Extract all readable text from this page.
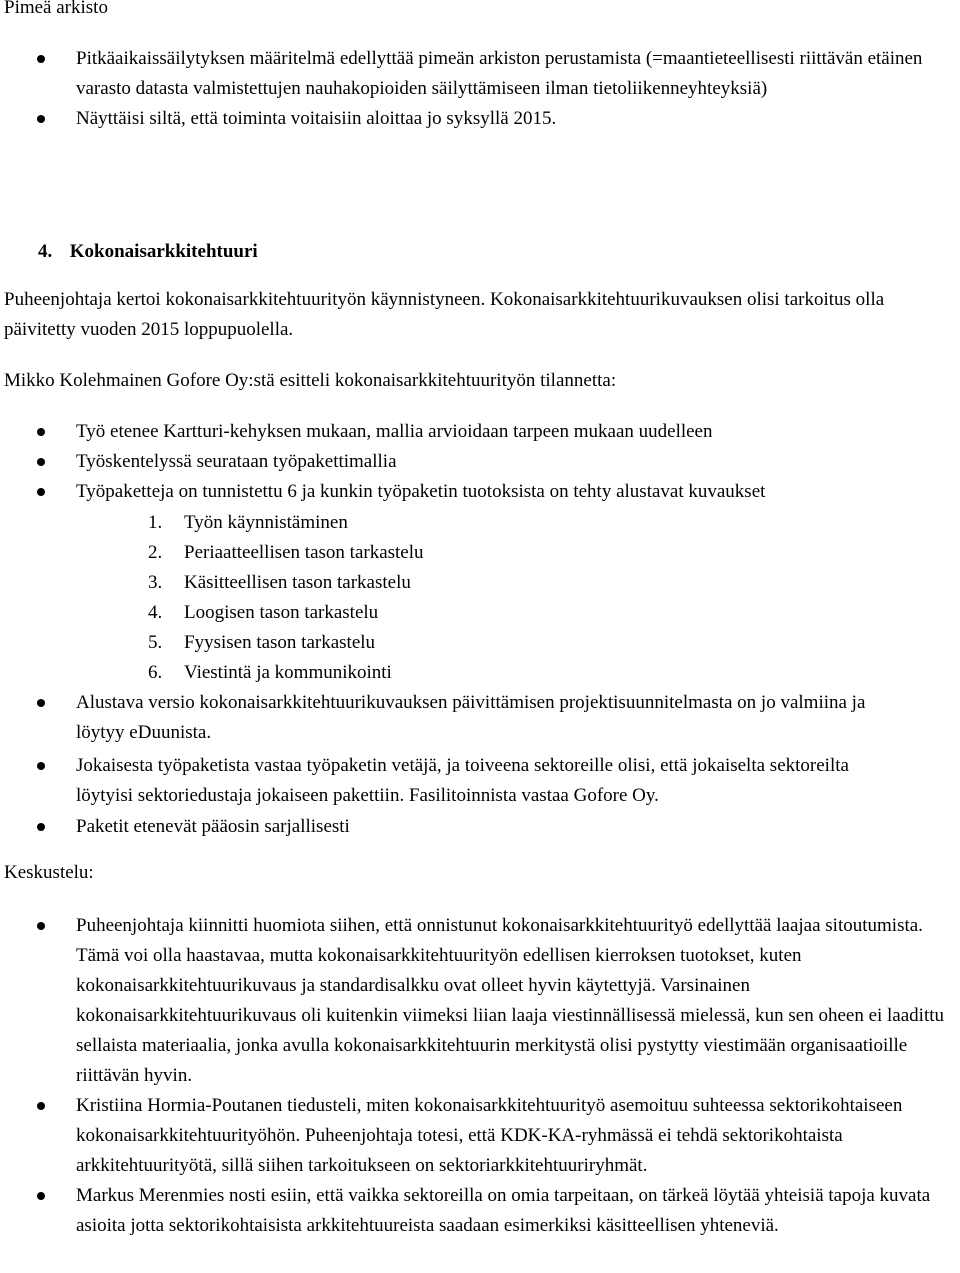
Pimeä arkisto
Pitkäaikaissäilytyksen määritelmä edellyttää pimeän arkiston perustamista (=maantieteellisesti riittävän etäinen varasto datasta valmistettujen nauhakopioiden säilyttämiseen ilman tietoliikenneyhteyksiä)
Näyttäisi siltä, että toiminta voitaisiin aloittaa jo syksyllä 2015.
4. Kokonaisarkkitehtuuri
Puheenjohtaja kertoi kokonaisarkkitehtuurityön käynnistyneen. Kokonaisarkkitehtuurikuvauksen olisi tarkoitus olla päivitetty vuoden 2015 loppupuolella.
Mikko Kolehmainen Gofore Oy:stä esitteli kokonaisarkkitehtuurityön tilannetta:
Työ etenee Kartturi-kehyksen mukaan, mallia arvioidaan tarpeen mukaan uudelleen
Työskentelyssä seurataan työpakettimallia
Työpaketteja on tunnistettu 6 ja kunkin työpaketin tuotoksista on tehty alustavat kuvaukset
1. Työn käynnistäminen
2. Periaatteellisen tason tarkastelu
3. Käsitteellisen tason tarkastelu
4. Loogisen tason tarkastelu
5. Fyysisen tason tarkastelu
6. Viestintä ja kommunikointi
Alustava versio kokonaisarkkitehtuurikuvauksen päivittämisen projektisuunnitelmasta on jo valmiina ja löytyy eDuunista.
Jokaisesta työpaketista vastaa työpaketin vetäjä, ja toiveena sektoreille olisi, että jokaiselta sektoreilta löytyisi sektoriedustaja jokaiseen pakettiin. Fasilitoinnista vastaa Gofore Oy.
Paketit etenevät pääosin sarjallisesti
Keskustelu:
Puheenjohtaja kiinnitti huomiota siihen, että onnistunut kokonaisarkkitehtuurityö edellyttää laajaa sitoutumista. Tämä voi olla haastavaa, mutta kokonaisarkkitehtuurityön edellisen kierroksen tuotokset, kuten kokonaisarkkitehtuurikuvaus ja standardisalkku ovat olleet hyvin käytettyjä. Varsinainen kokonaisarkkitehtuurikuvaus oli kuitenkin viimeksi liian laaja viestinnällisessä mielessä, kun sen oheen ei laadittu sellaista materiaalia, jonka avulla kokonaisarkkitehtuurin merkitystä olisi pystytty viestimään organisaatioille riittävän hyvin.
Kristiina Hormia-Poutanen tiedusteli, miten kokonaisarkkitehtuurityö asemoituu suhteessa sektorikohtaiseen kokonaisarkkitehtuurityöhön. Puheenjohtaja totesi, että KDK-KA-ryhmässä ei tehdä sektorikohtaista arkkitehtuurityötä, sillä siihen tarkoitukseen on sektoriarkkitehtuuriryhmät.
Markus Merenmies nosti esiin, että vaikka sektoreilla on omia tarpeitaan, on tärkeä löytää yhteisiä tapoja kuvata asioita jotta sektorikohtaisista arkkitehtuureista saadaan esimerkiksi käsitteellisen yhteneviä.
